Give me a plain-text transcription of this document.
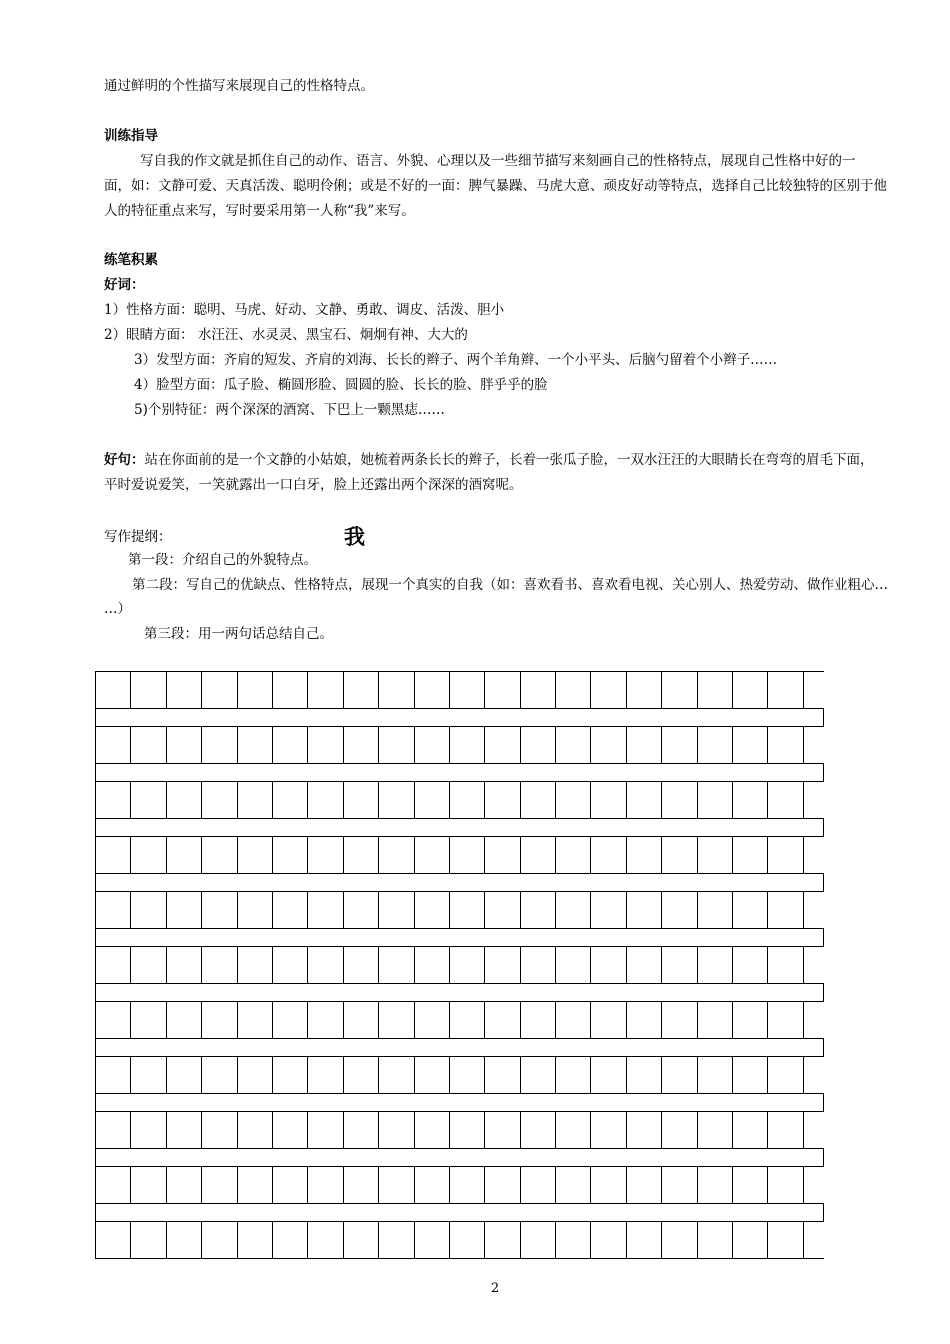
通过鲜明的个性描写来展现自己的性格特点。
训练指导
写自我的作文就是抓住自己的动作、语言、外貌、心理以及一些细节描写来刻画自己的性格特点，展现自己性格中好的一
面，如：文静可爱、天真活泼、聪明伶俐；或是不好的一面：脾气暴躁、马虎大意、顽皮好动等特点，选择自己比较独特的区别于他
人的特征重点来写，写时要采用第一人称“我”来写。
练笔积累
好词：
1）性格方面：聪明、马虎、好动、文静、勇敢、调皮、活泼、胆小
2）眼睛方面： 水汪汪、水灵灵、黑宝石、炯炯有神、大大的
3）发型方面：齐肩的短发、齐肩的刘海、长长的辫子、两个羊角辫、一个小平头、后脑勺留着个小辫子……
4）脸型方面：瓜子脸、椭圆形脸、圆圆的脸、长长的脸、胖乎乎的脸
5)个别特征：两个深深的酒窝、下巴上一颗黑痣……
好句：站在你面前的是一个文静的小姑娘，她梳着两条长长的辫子，长着一张瓜子脸，一双水汪汪的大眼睛长在弯弯的眉毛下面，
平时爱说爱笑，一笑就露出一口白牙，脸上还露出两个深深的酒窝呢。
写作提纲：	我
第一段：介绍自己的外貌特点。
第二段：写自己的优缺点、性格特点，展现一个真实的自我（如：喜欢看书、喜欢看电视、关心别人、热爱劳动、做作业粗心…
…）
第三段：用一两句话总结自己。
2
